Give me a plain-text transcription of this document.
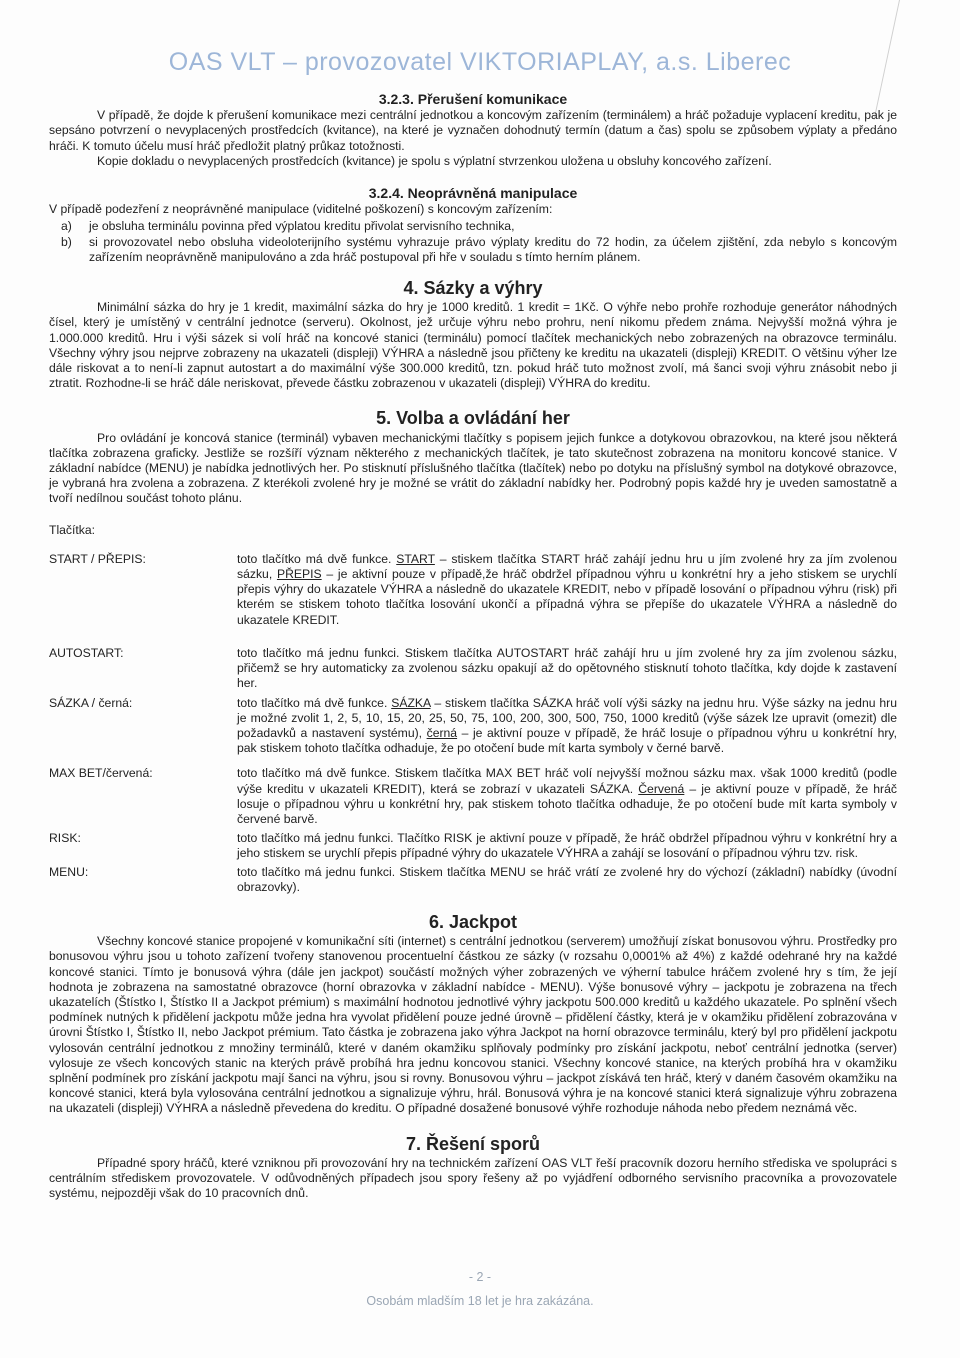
OAS VLT – provozovatel VIKTORIAPLAY, a.s. Liberec
3.2.3. Přerušení komunikace

V případě, že dojde k přerušení komunikace mezi centrální jednotkou a koncovým zařízením (terminálem) a hráč požaduje vyplacení kreditu, pak je sepsáno potvrzení o nevyplacených prostředcích (kvitance), na které je vyznačen dohodnutý termín (datum a čas) spolu se způsobem výplaty a předáno hráči. K tomuto účelu musí hráč předložit platný průkaz totožnosti.

Kopie dokladu o nevyplacených prostředcích (kvitance) je spolu s výplatní stvrzenkou uložena u obsluhy koncového zařízení.

3.2.4. Neoprávněná manipulace

V případě podezření z neoprávněné manipulace (viditelné poškození) s koncovým zařízením:

a)	je obsluha terminálu povinna před výplatou kreditu přivolat servisního technika,
b)	si provozovatel nebo obsluha videoloterijního systému vyhrazuje právo výplaty kreditu do 72 hodin, za účelem zjištění, zda nebylo s koncovým zařízením neoprávněně manipulováno a zda hráč postupoval při hře v souladu s tímto herním plánem.
4. Sázky a výhry

Minimální sázka do hry je 1 kredit, maximální sázka do hry je 1000 kreditů. 1 kredit = 1Kč. O výhře nebo prohře rozhoduje generátor náhodných čísel, který je umístěný v centrální jednotce (serveru). Okolnost, jež určuje výhru nebo prohru, není nikomu předem známa. Nejvyšší možná výhra je 1.000.000 kreditů. Hru i výši sázek si volí hráč na koncové stanici (terminálu) pomocí tlačítek mechanických nebo zobrazených na obrazovce terminálu. Všechny výhry jsou nejprve zobrazeny na ukazateli (displeji) VÝHRA a následně jsou přičteny ke kreditu na ukazateli (displeji) KREDIT. O většinu výher lze dále riskovat a to není-li zapnut autostart a do maximální výše 300.000 kreditů, tzn. pokud hráč tuto možnost zvolí, má šanci svoji výhru znásobit nebo ji ztratit. Rozhodne-li se hráč dále neriskovat, převede částku zobrazenou v ukazateli (displeji) VÝHRA do kreditu.

5. Volba a ovládání her

Pro ovládání je koncová stanice (terminál) vybaven mechanickými tlačítky s popisem jejich funkce a dotykovou obrazovkou, na které jsou některá tlačítka zobrazena graficky. Jestliže se rozšíří význam některého z mechanických tlačítek, je tato skutečnost zobrazena na monitoru koncové stanice. V základní nabídce (MENU) je nabídka jednotlivých her. Po stisknutí příslušného tlačítka (tlačítek) nebo po dotyku na příslušný symbol na dotykové obrazovce, je vybraná hra zvolena a zobrazena. Z kterékoli zvolené hry je možné se vrátit do základní nabídky her. Podrobný popis každé hry je uveden samostatně a tvoří nedílnou součást tohoto plánu.

Tlačítka:
START / PŘEPIS:	toto tlačítko má dvě funkce. START – stiskem tlačítka START hráč zahájí jednu hru u jím zvolené hry za jím zvolenou sázku, PŘEPIS – je aktivní pouze v případě,že hráč obdržel případnou výhru u konkrétní hry a jeho stiskem se urychlí přepis výhry do ukazatele VÝHRA a následně do ukazatele KREDIT, nebo v případě losování o případnou výhru (risk) při kterém se stiskem tohoto tlačítka losování ukončí a případná výhra se přepíše do ukazatele VÝHRA a následně do ukazatele KREDIT.
AUTOSTART:	toto tlačítko má jednu funkci. Stiskem tlačítka AUTOSTART hráč zahájí hru u jím zvolené hry za jím zvolenou sázku, přičemž se hry automaticky za zvolenou sázku opakují až do opětovného stisknutí tohoto tlačítka, kdy dojde k zastavení her.
SÁZKA / černá:	toto tlačítko má dvě funkce. SÁZKA – stiskem tlačítka SÁZKA hráč volí výši sázky na jednu hru. Výše sázky na jednu hru je možné zvolit 1, 2, 5, 10, 15, 20, 25, 50, 75, 100, 200, 300, 500, 750, 1000 kreditů (výše sázek lze upravit (omezit) dle požadavků a nastavení systému), černá – je aktivní pouze v případě, že hráč losuje o případnou výhru u konkrétní hry, pak stiskem tohoto tlačítka odhaduje, že po otočení bude mít karta symboly v černé barvě.
MAX BET/červená:	toto tlačítko má dvě funkce. Stiskem tlačítka MAX BET hráč volí nejvyšší možnou sázku max. však 1000 kreditů (podle výše kreditu v ukazateli KREDIT), která se zobrazí v ukazateli SÁZKA. Červená – je aktivní pouze v případě, že hráč losuje o případnou výhru u konkrétní hry, pak stiskem tohoto tlačítka odhaduje, že po otočení bude mít karta symboly v červené barvě.
RISK:	toto tlačítko má jednu funkci. Tlačítko RISK je aktivní pouze v případě, že hráč obdržel případnou výhru v konkrétní hry a jeho stiskem se urychlí přepis případné výhry do ukazatele VÝHRA a zahájí se losování o případnou výhru tzv. risk.
MENU:	toto tlačítko má jednu funkci. Stiskem tlačítka MENU se hráč vrátí ze zvolené hry do výchozí (základní) nabídky (úvodní obrazovky).
6. Jackpot

Všechny koncové stanice propojené v komunikační síti (internet) s centrální jednotkou (serverem) umožňují získat bonusovou výhru. Prostředky pro bonusovou výhru jsou u tohoto zařízení tvořeny stanovenou procentuelní částkou ze sázky (v rozsahu 0,0001% až 4%) z každé odehrané hry na každé koncové stanici. Tímto je bonusová výhra (dále jen jackpot) součástí možných výher zobrazených ve výherní tabulce hráčem zvolené hry s tím, že její hodnota je zobrazena na samostatné obrazovce (horní obrazovka v základní nabídce - MENU). Výše bonusové výhry – jackpotu je zobrazena na třech ukazatelích (Štístko I, Štístko II a Jackpot prémium) s maximální hodnotou jednotlivé výhry jackpotu 500.000 kreditů u každého ukazatele. Po splnění všech podmínek nutných k přidělení jackpotu může jedna hra vyvolat přidělení pouze jedné úrovně – přidělení částky, která je v okamžiku přidělení zobrazována v úrovni Štístko I, Štístko II, nebo Jackpot prémium. Tato částka je zobrazena jako výhra Jackpot na horní obrazovce terminálu, který byl pro přidělení jackpotu vylosován centrální jednotkou z množiny terminálů, které v daném okamžiku splňovaly podmínky pro získání jackpotu, neboť centrální jednotka (server) vylosuje ze všech koncových stanic na kterých právě probíhá hra jednu koncovou stanici. Všechny koncové stanice, na kterých probíhá hra v okamžiku splnění podmínek pro získání jackpotu mají šanci na výhru, jsou si rovny. Bonusovou výhru – jackpot získává ten hráč, který v daném časovém okamžiku na koncové stanici, která byla vylosována centrální jednotkou a signalizuje výhru, hrál. Bonusová výhra je na koncové stanici která signalizuje výhru zobrazena na ukazateli (displeji) VÝHRA a následně převedena do kreditu. O případné dosažené bonusové výhře rozhoduje náhoda nebo předem neznámá věc.

7. Řešení sporů

Případné spory hráčů, které vzniknou při provozování hry na technickém zařízení OAS VLT řeší pracovník dozoru herního střediska ve spolupráci s centrálním střediskem provozovatele. V odůvodněných případech jsou spory řešeny až po vyjádření odborného servisního pracovníka a provozovatele systému, nejpozději však do 10 pracovních dnů.

- 2 -
Osobám mladším 18 let je hra zakázána.
